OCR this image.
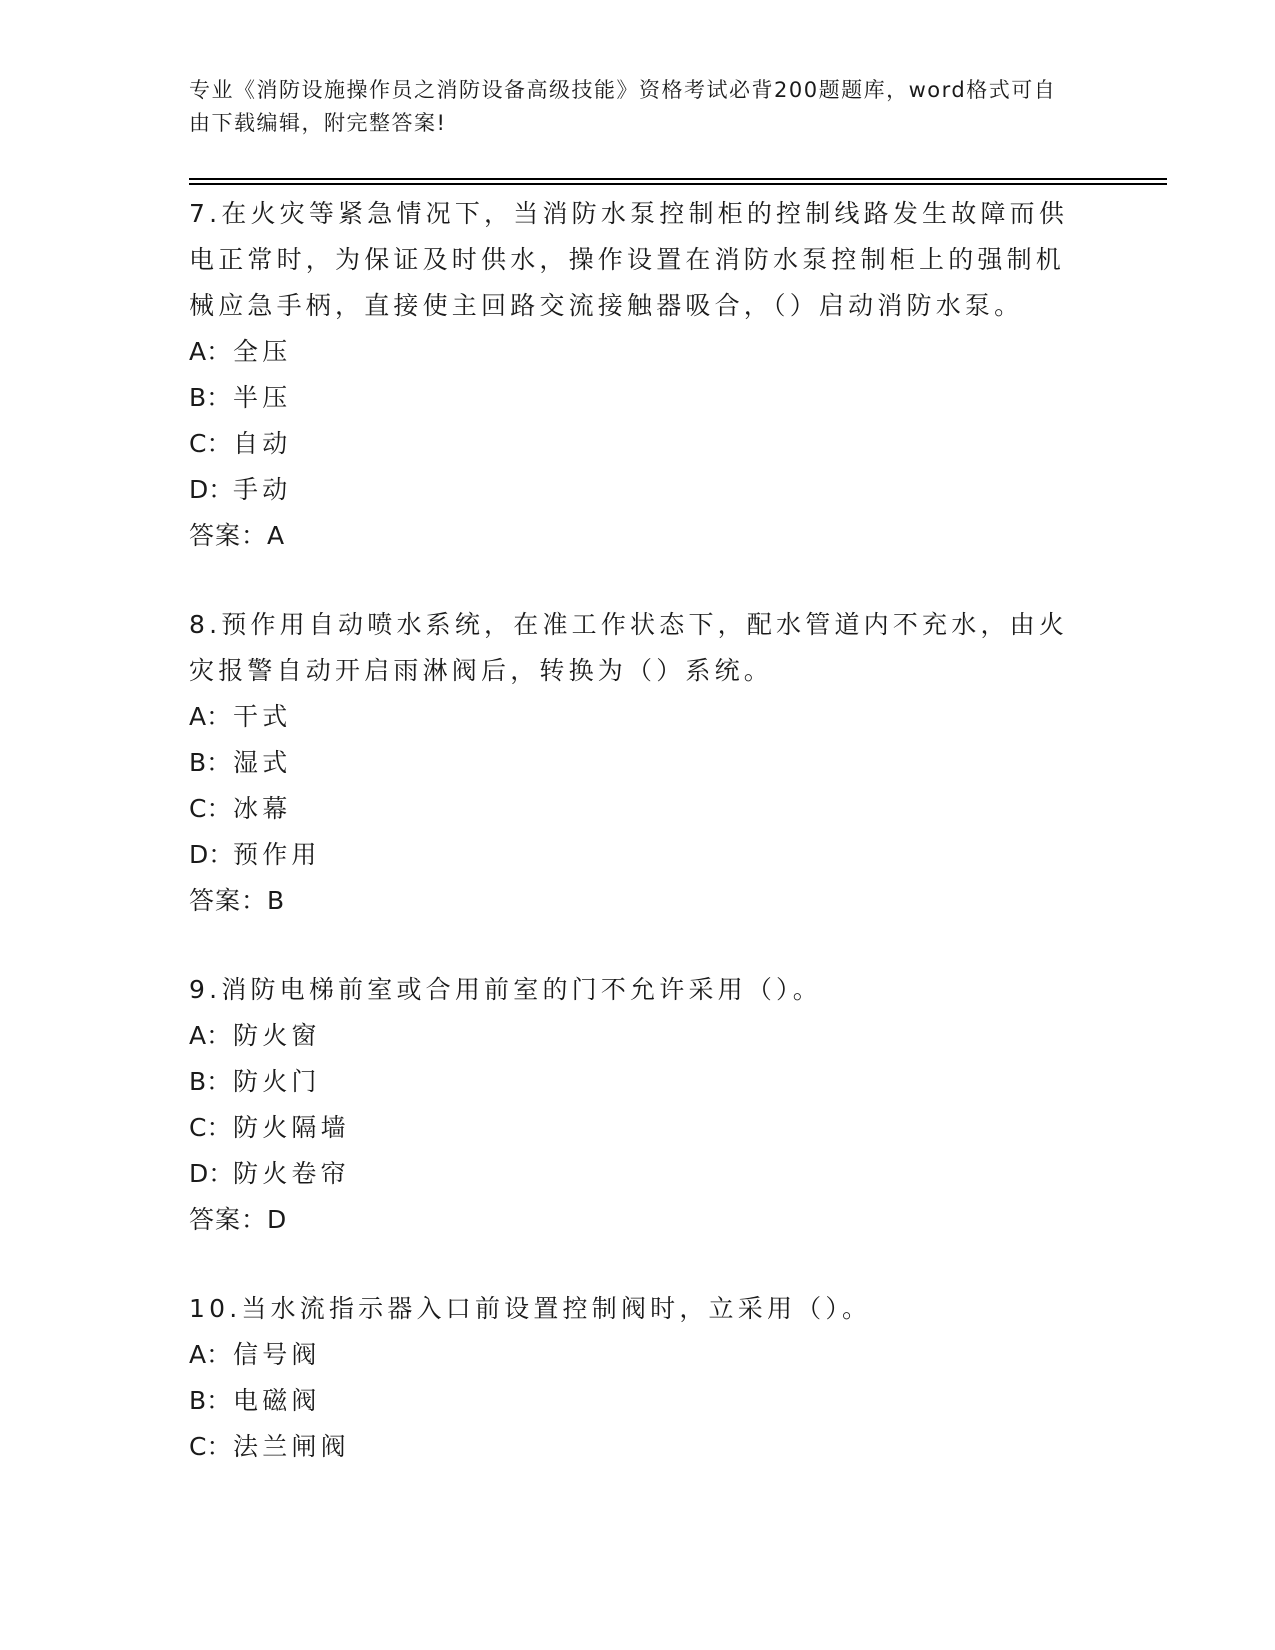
专业《消防设施操作员之消防设备高级技能》资格考试必背200题题库，word格式可自由下载编辑，附完整答案!

7.在火灾等紧急情况下，当消防水泵控制柜的控制线路发生故障而供电正常时，为保证及时供水，操作设置在消防水泵控制柜上的强制机械应急手柄，直接使主回路交流接触器吸合，（）启动消防水泵。

A：全压

B：半压

C：自动

D：手动

答案：A

8.预作用自动喷水系统，在准工作状态下，配水管道内不充水，由火灾报警自动开启雨淋阀后，转换为（）系统。

A：干式

B：湿式

C：冰幕

D：预作用

答案：B

9.消防电梯前室或合用前室的门不允许采用（）。

A：防火窗

B：防火门

C：防火隔墙

D：防火卷帘

答案：D

10.当水流指示器入口前设置控制阀时，立采用（）。

A：信号阀

B：电磁阀

C：法兰闸阀
